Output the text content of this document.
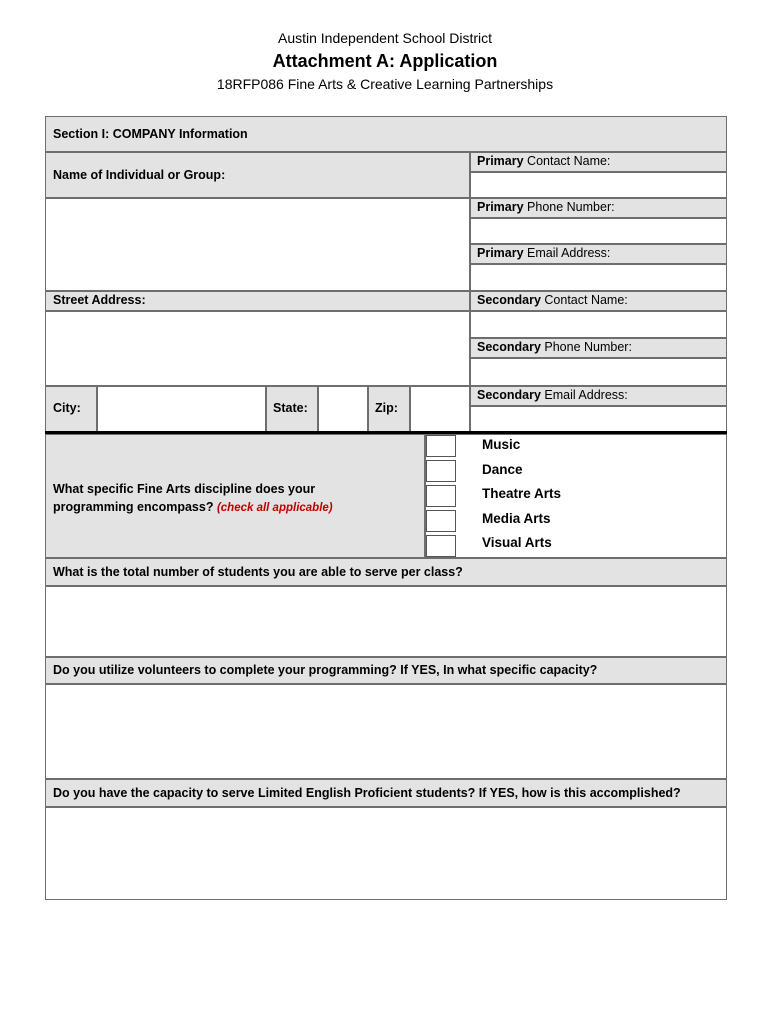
Austin Independent School District
Attachment A: Application
18RFP086 Fine Arts & Creative Learning Partnerships
Section I: COMPANY Information
Name of Individual or Group:
Street Address:
City:	State:	Zip:
Primary Contact Name:
Primary Phone Number:
Primary Email Address:
Secondary Contact Name:
Secondary Phone Number:
Secondary Email Address:
What specific Fine Arts discipline does your
programming encompass? (check all applicable)
Music
Dance
Theatre Arts
Media Arts
Visual Arts
What is the total number of students you are able to serve per class?
Do you utilize volunteers to complete your programming? If YES, In what specific capacity?
Do you have the capacity to serve Limited English Proficient students? If YES, how is this accomplished?
